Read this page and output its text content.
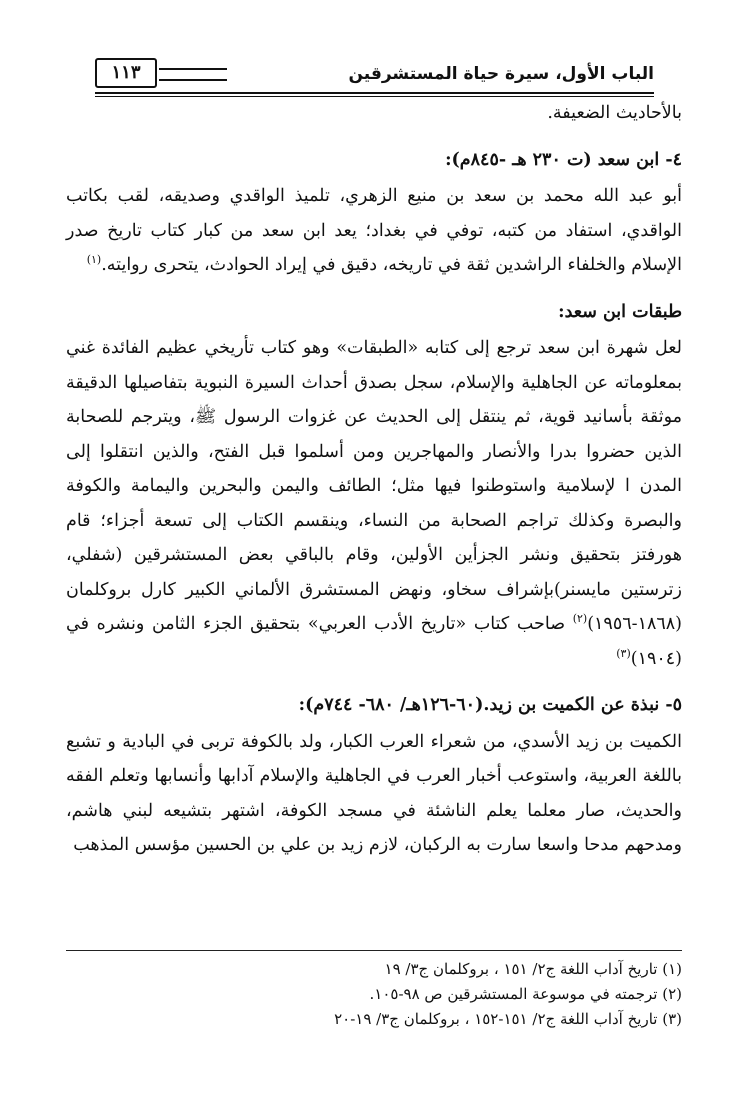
الباب الأول، سيرة حياة المستشرقين
١١٣

بالأحاديث الضعيفة.

٤- ابن سعد (ت ٢٣٠ هـ -٨٤٥م):

أبو عبد الله محمد بن سعد بن منيع الزهري، تلميذ الواقدي وصديقه، لقب بكاتب الواقدي، استفاد من كتبه، توفي في بغداد؛ يعد ابن سعد من كبار كتاب تاريخ صدر الإسلام والخلفاء الراشدين ثقة في تاريخه، دقيق في إيراد الحوادث، يتحرى روايته.$^{(١)}$

طبقات ابن سعد:

لعل شهرة ابن سعد ترجع إلى كتابه «الطبقات» وهو كتاب تأريخي عظيم الفائدة غني بمعلوماته عن الجاهلية والإسلام، سجل بصدق أحداث السيرة النبوية بتفاصيلها الدقيقة موثقة بأسانيد قوية، ثم ينتقل إلى الحديث عن غزوات الرسول ﷺ، ويترجم للصحابة الذين حضروا بدرا والأنصار والمهاجرين ومن أسلموا قبل الفتح، والذين انتقلوا إلى المدن ا لإسلامية واستوطنوا فيها مثل؛ الطائف واليمن والبحرين واليمامة والكوفة والبصرة وكذلك تراجم الصحابة من النساء، وينقسم الكتاب إلى تسعة أجزاء؛ قام هورفتز بتحقيق ونشر الجزأين الأولين، وقام بالباقي بعض المستشرقين (شفلي، زترستين مايسنر)بإشراف سخاو، ونهض المستشرق الألماني الكبير كارل بروكلمان (١٨٦٨-١٩٥٦)$^{(٢)}$ صاحب كتاب «تاريخ الأدب العربي» بتحقيق الجزء الثامن ونشره في (١٩٠٤)$^{(٣)}$

٥- نبذة عن الكميت بن زيد.(٦٠-١٢٦هـ/ ٦٨٠- ٧٤٤م):

الكميت بن زيد الأسدي، من شعراء العرب الكبار، ولد بالكوفة تربى في البادية و تشبع باللغة العربية، واستوعب أخبار العرب في الجاهلية والإسلام آدابها وأنسابها وتعلم الفقه والحديث، صار معلما يعلم الناشئة في مسجد الكوفة، اشتهر بتشيعه لبني هاشم، ومدحهم مدحا واسعا سارت به الركبان، لازم زيد بن علي بن الحسين مؤسس المذهب

(١) تاريخ آداب اللغة ج٢/ ١٥١ ، بروكلمان ج٣/ ١٩

(٢) ترجمته في موسوعة المستشرقين ص ٩٨-١٠٥.

(٣) تاريخ آداب اللغة ج٢/ ١٥١-١٥٢ ، بروكلمان ج٣/ ١٩-٢٠
